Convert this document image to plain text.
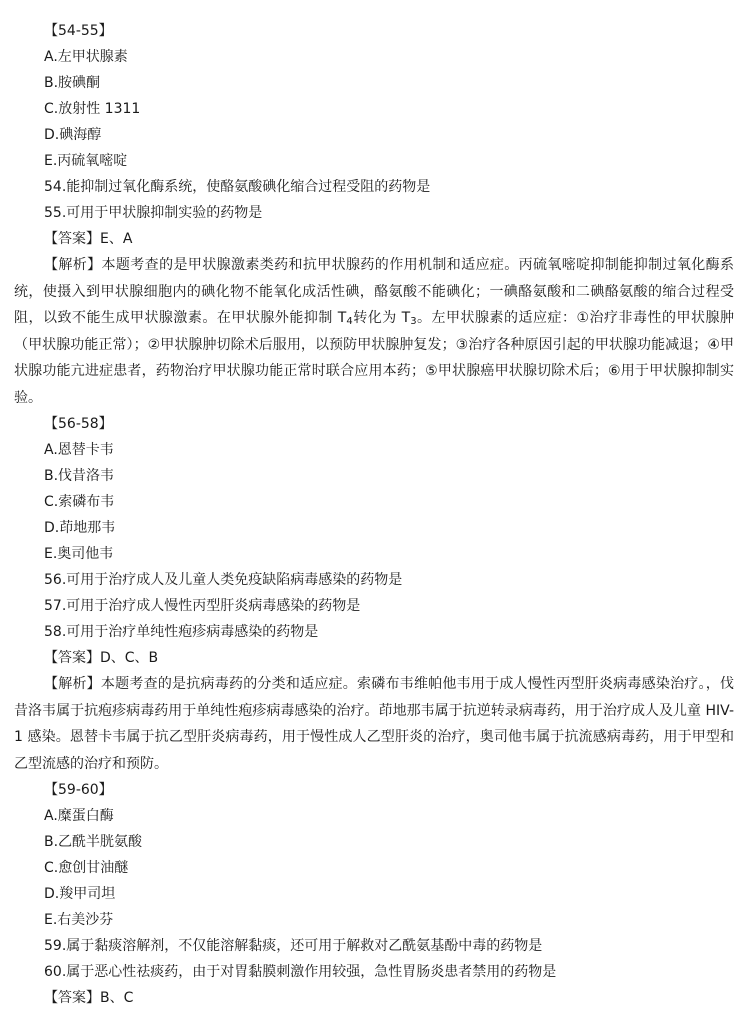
【54-55】
A.左甲状腺素
B.胺碘酮
C.放射性 1311
D.碘海醇
E.丙硫氧嘧啶
54.能抑制过氧化酶系统，使酪氨酸碘化缩合过程受阻的药物是
55.可用于甲状腺抑制实验的药物是
【答案】E、A

【解析】本题考查的是甲状腺激素类药和抗甲状腺药的作用机制和适应症。丙硫氧嘧啶抑制能抑制过氧化酶系统，使摄入到甲状腺细胞内的碘化物不能氧化成活性碘，酪氨酸不能碘化；一碘酪氨酸和二碘酪氨酸的缩合过程受阻，以致不能生成甲状腺激素。在甲状腺外能抑制 $T_4$转化为 $T_3$。左甲状腺素的适应症：①治疗非毒性的甲状腺肿（甲状腺功能正常）；②甲状腺肿切除术后服用，以预防甲状腺肿复发；③治疗各种原因引起的甲状腺功能减退；④甲状腺功能亢进症患者，药物治疗甲状腺功能正常时联合应用本药；⑤甲状腺癌甲状腺切除术后；⑥用于甲状腺抑制实验。

【56-58】
A.恩替卡韦
B.伐昔洛韦
C.索磷布韦
D.茚地那韦
E.奥司他韦
56.可用于治疗成人及儿童人类免疫缺陷病毒感染的药物是
57.可用于治疗成人慢性丙型肝炎病毒感染的药物是
58.可用于治疗单纯性疱疹病毒感染的药物是
【答案】D、C、B

【解析】本题考查的是抗病毒药的分类和适应症。索磷布韦维帕他韦用于成人慢性丙型肝炎病毒感染治疗。，伐昔洛韦属于抗疱疹病毒药用于单纯性疱疹病毒感染的治疗。茚地那韦属于抗逆转录病毒药，用于治疗成人及儿童 HIV-1 感染。恩替卡韦属于抗乙型肝炎病毒药，用于慢性成人乙型肝炎的治疗，奥司他韦属于抗流感病毒药，用于甲型和乙型流感的治疗和预防。

【59-60】
A.糜蛋白酶
B.乙酰半胱氨酸
C.愈创甘油醚
D.羧甲司坦
E.右美沙芬
59.属于黏痰溶解剂，不仅能溶解黏痰，还可用于解救对乙酰氨基酚中毒的药物是
60.属于恶心性祛痰药，由于对胃黏膜刺激作用较强，急性胃肠炎患者禁用的药物是
【答案】B、C
